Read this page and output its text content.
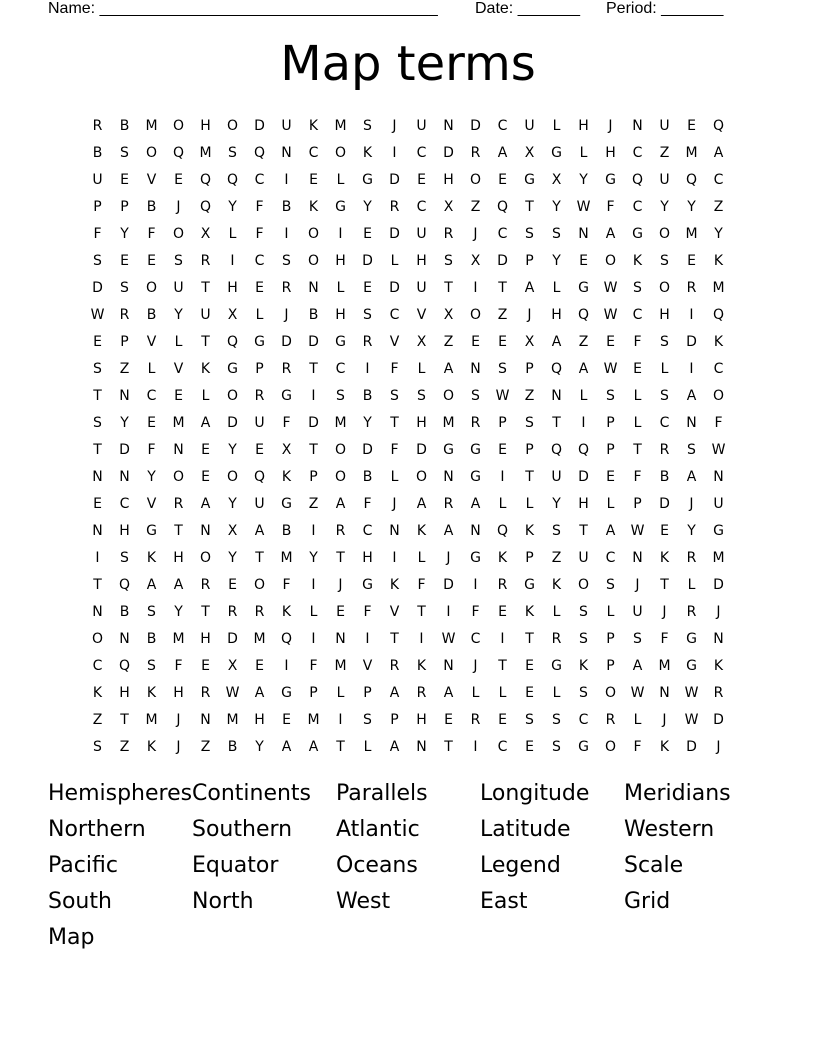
Name: ______________________________________

Date: _______

Period: _______

Map terms
R	B	M	O	H	O	D	U	K	M	S	J	U	N	D	C	U	L	H	J	N	U	E	Q
B	S	O	Q	M	S	Q	N	C	O	K	I	C	D	R	A	X	G	L	H	C	Z	M	A
U	E	V	E	Q	Q	C	I	E	L	G	D	E	H	O	E	G	X	Y	G	Q	U	Q	C
P	P	B	J	Q	Y	F	B	K	G	Y	R	C	X	Z	Q	T	Y	W	F	C	Y	Y	Z
F	Y	F	O	X	L	F	I	O	I	E	D	U	R	J	C	S	S	N	A	G	O	M	Y
S	E	E	S	R	I	C	S	O	H	D	L	H	S	X	D	P	Y	E	O	K	S	E	K
D	S	O	U	T	H	E	R	N	L	E	D	U	T	I	T	A	L	G	W	S	O	R	M
W	R	B	Y	U	X	L	J	B	H	S	C	V	X	O	Z	J	H	Q	W	C	H	I	Q
E	P	V	L	T	Q	G	D	D	G	R	V	X	Z	E	E	X	A	Z	E	F	S	D	K
S	Z	L	V	K	G	P	R	T	C	I	F	L	A	N	S	P	Q	A	W	E	L	I	C
T	N	C	E	L	O	R	G	I	S	B	S	S	O	S	W	Z	N	L	S	L	S	A	O
S	Y	E	M	A	D	U	F	D	M	Y	T	H	M	R	P	S	T	I	P	L	C	N	F
T	D	F	N	E	Y	E	X	T	O	D	F	D	G	G	E	P	Q	Q	P	T	R	S	W
N	N	Y	O	E	O	Q	K	P	O	B	L	O	N	G	I	T	U	D	E	F	B	A	N
E	C	V	R	A	Y	U	G	Z	A	F	J	A	R	A	L	L	Y	H	L	P	D	J	U
N	H	G	T	N	X	A	B	I	R	C	N	K	A	N	Q	K	S	T	A	W	E	Y	G
I	S	K	H	O	Y	T	M	Y	T	H	I	L	J	G	K	P	Z	U	C	N	K	R	M
T	Q	A	A	R	E	O	F	I	J	G	K	F	D	I	R	G	K	O	S	J	T	L	D
N	B	S	Y	T	R	R	K	L	E	F	V	T	I	F	E	K	L	S	L	U	J	R	J
O	N	B	M	H	D	M	Q	I	N	I	T	I	W	C	I	T	R	S	P	S	F	G	N
C	Q	S	F	E	X	E	I	F	M	V	R	K	N	J	T	E	G	K	P	A	M	G	K
K	H	K	H	R	W	A	G	P	L	P	A	R	A	L	L	E	L	S	O	W	N	W	R
Z	T	M	J	N	M	H	E	M	I	S	P	H	E	R	E	S	S	C	R	L	J	W	D
S	Z	K	J	Z	B	Y	A	A	T	L	A	N	T	I	C	E	S	G	O	F	K	D	J
Hemispheres Continents	Parallels	Longitude	Meridians
Northern	Southern	Atlantic	Latitude	Western
Pacific	Equator	Oceans	Legend	Scale
South	North	West	East	Grid
Map
